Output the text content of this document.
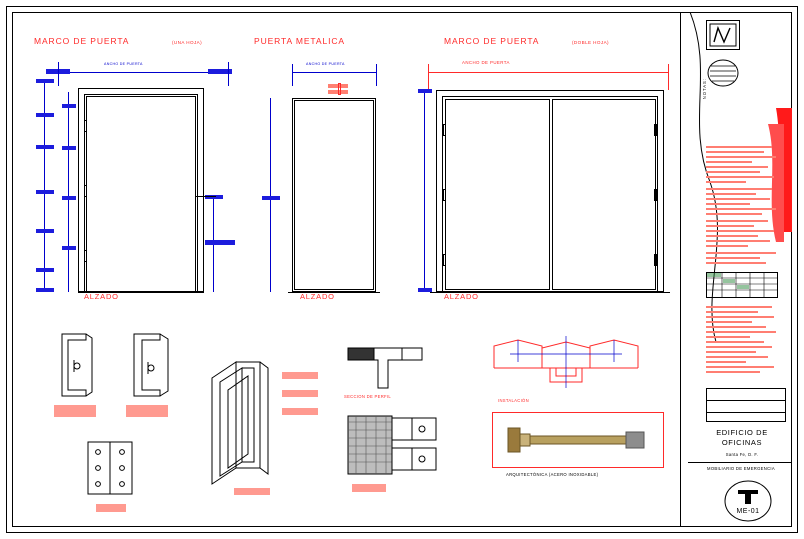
MARCO DE PUERTA	(UNA HOJA)	PUERTA METALICA	MARCO DE PUERTA	(DOBLE HOJA)
ANCHO DE PUERTA
ALZADO
ANCHO DE PUERTA
ALZADO
ANCHO DE PUERTA
ALZADO
SECCION DE PERFIL
INSTALACIÓN
ARQUITECTÓNICA (ACERO INOXIDABLE)
NOTAS:
EDIFICIO DE
OFICINAS
Santa Fe, D. F.
MOBILIARIO DE EMERGENCIA
ME-01
